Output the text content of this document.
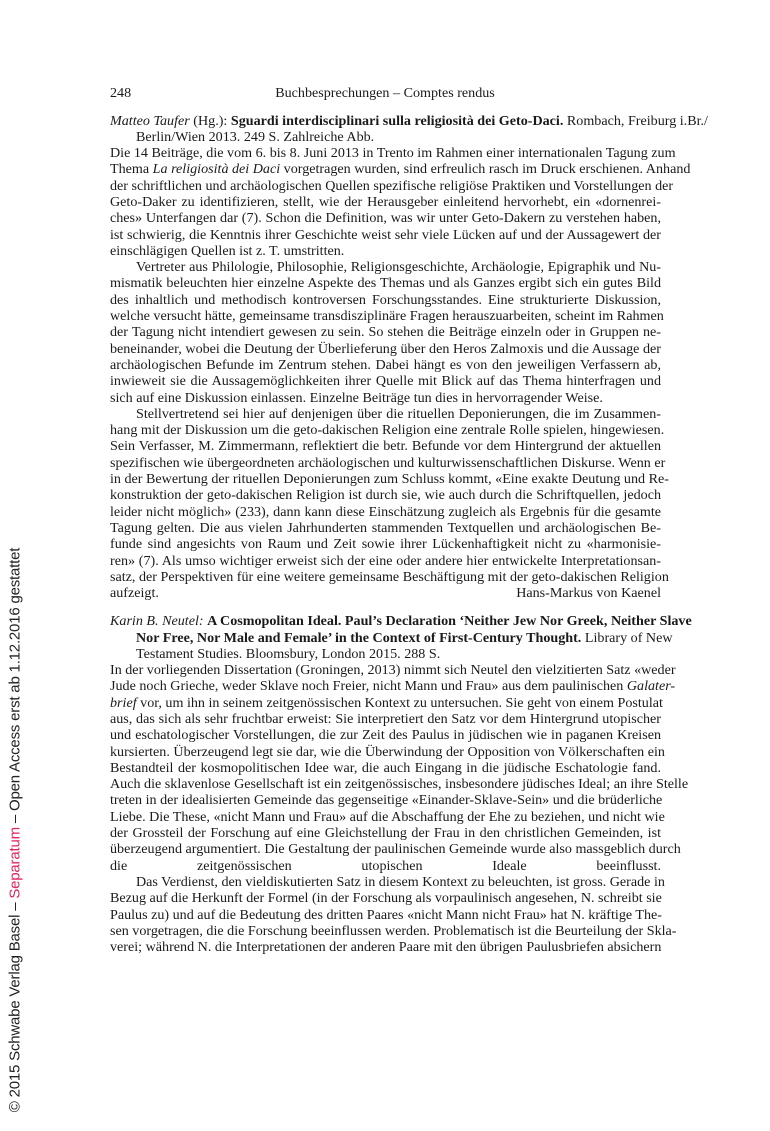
248	Buchbesprechungen – Comptes rendus
Matteo Taufer (Hg.): Sguardi interdisciplinari sulla religiosità dei Geto-Daci. Rombach, Freiburg i.Br./
Berlin/Wien 2013. 249 S. Zahlreiche Abb.
Die 14 Beiträge, die vom 6. bis 8. Juni 2013 in Trento im Rahmen einer internationalen Tagung zum
Thema La religiosità dei Daci vorgetragen wurden, sind erfreulich rasch im Druck erschienen. Anhand
der schriftlichen und archäologischen Quellen spezifische religiöse Praktiken und Vorstellungen der
Geto-Daker zu identifizieren, stellt, wie der Herausgeber einleitend hervorhebt, ein «dornenrei-
ches» Unterfangen dar (7). Schon die Definition, was wir unter Geto-Dakern zu verstehen haben,
ist schwierig, die Kenntnis ihrer Geschichte weist sehr viele Lücken auf und der Aussagewert der
einschlägigen Quellen ist z. T. umstritten.
Vertreter aus Philologie, Philosophie, Religionsgeschichte, Archäologie, Epigraphik und Nu-
mismatik beleuchten hier einzelne Aspekte des Themas und als Ganzes ergibt sich ein gutes Bild
des inhaltlich und methodisch kontroversen Forschungsstandes. Eine strukturierte Diskussion,
welche versucht hätte, gemeinsame transdisziplinäre Fragen herauszuarbeiten, scheint im Rahmen
der Tagung nicht intendiert gewesen zu sein. So stehen die Beiträge einzeln oder in Gruppen ne-
beneinander, wobei die Deutung der Überlieferung über den Heros Zalmoxis und die Aussage der
archäologischen Befunde im Zentrum stehen. Dabei hängt es von den jeweiligen Verfassern ab,
inwieweit sie die Aussagemöglichkeiten ihrer Quelle mit Blick auf das Thema hinterfragen und
sich auf eine Diskussion einlassen. Einzelne Beiträge tun dies in hervorragender Weise.
Stellvertretend sei hier auf denjenigen über die rituellen Deponierungen, die im Zusammen-
hang mit der Diskussion um die geto-dakischen Religion eine zentrale Rolle spielen, hingewiesen.
Sein Verfasser, M. Zimmermann, reflektiert die betr. Befunde vor dem Hintergrund der aktuellen
spezifischen wie übergeordneten archäologischen und kulturwissenschaftlichen Diskurse. Wenn er
in der Bewertung der rituellen Deponierungen zum Schluss kommt, «Eine exakte Deutung und Re-
konstruktion der geto-dakischen Religion ist durch sie, wie auch durch die Schriftquellen, jedoch
leider nicht möglich» (233), dann kann diese Einschätzung zugleich als Ergebnis für die gesamte
Tagung gelten. Die aus vielen Jahrhunderten stammenden Textquellen und archäologischen Be-
funde sind angesichts von Raum und Zeit sowie ihrer Lückenhaftigkeit nicht zu «harmonisie-
ren» (7). Als umso wichtiger erweist sich der eine oder andere hier entwickelte Interpretationsan-
satz, der Perspektiven für eine weitere gemeinsame Beschäftigung mit der geto-dakischen Religion
aufzeigt.	Hans-Markus von Kaenel
Karin B. Neutel: A Cosmopolitan Ideal. Paul’s Declaration ‘Neither Jew Nor Greek, Neither Slave
Nor Free, Nor Male and Female’ in the Context of First-Century Thought. Library of New
Testament Studies. Bloomsbury, London 2015. 288 S.
In der vorliegenden Dissertation (Groningen, 2013) nimmt sich Neutel den vielzitierten Satz «weder
Jude noch Grieche, weder Sklave noch Freier, nicht Mann und Frau» aus dem paulinischen Galater-
brief vor, um ihn in seinem zeitgenössischen Kontext zu untersuchen. Sie geht von einem Postulat
aus, das sich als sehr fruchtbar erweist: Sie interpretiert den Satz vor dem Hintergrund utopischer
und eschatologischer Vorstellungen, die zur Zeit des Paulus in jüdischen wie in paganen Kreisen
kursierten. Überzeugend legt sie dar, wie die Überwindung der Opposition von Völkerschaften ein
Bestandteil der kosmopolitischen Idee war, die auch Eingang in die jüdische Eschatologie fand.
Auch die sklavenlose Gesellschaft ist ein zeitgenössisches, insbesondere jüdisches Ideal; an ihre Stelle
treten in der idealisierten Gemeinde das gegenseitige «Einander-Sklave-Sein» und die brüderliche
Liebe. Die These, «nicht Mann und Frau» auf die Abschaffung der Ehe zu beziehen, und nicht wie
der Grossteil der Forschung auf eine Gleichstellung der Frau in den christlichen Gemeinden, ist
überzeugend argumentiert. Die Gestaltung der paulinischen Gemeinde wurde also massgeblich durch
die zeitgenössischen utopischen Ideale beeinflusst.
Das Verdienst, den vieldiskutierten Satz in diesem Kontext zu beleuchten, ist gross. Gerade in
Bezug auf die Herkunft der Formel (in der Forschung als vorpaulinisch angesehen, N. schreibt sie
Paulus zu) und auf die Bedeutung des dritten Paares «nicht Mann nicht Frau» hat N. kräftige The-
sen vorgetragen, die die Forschung beeinflussen werden. Problematisch ist die Beurteilung der Skla-
verei; während N. die Interpretationen der anderen Paare mit den übrigen Paulusbriefen absichern
© 2015 Schwabe Verlag Basel – Separatum – Open Access erst ab 1.12.2016 gestattet
